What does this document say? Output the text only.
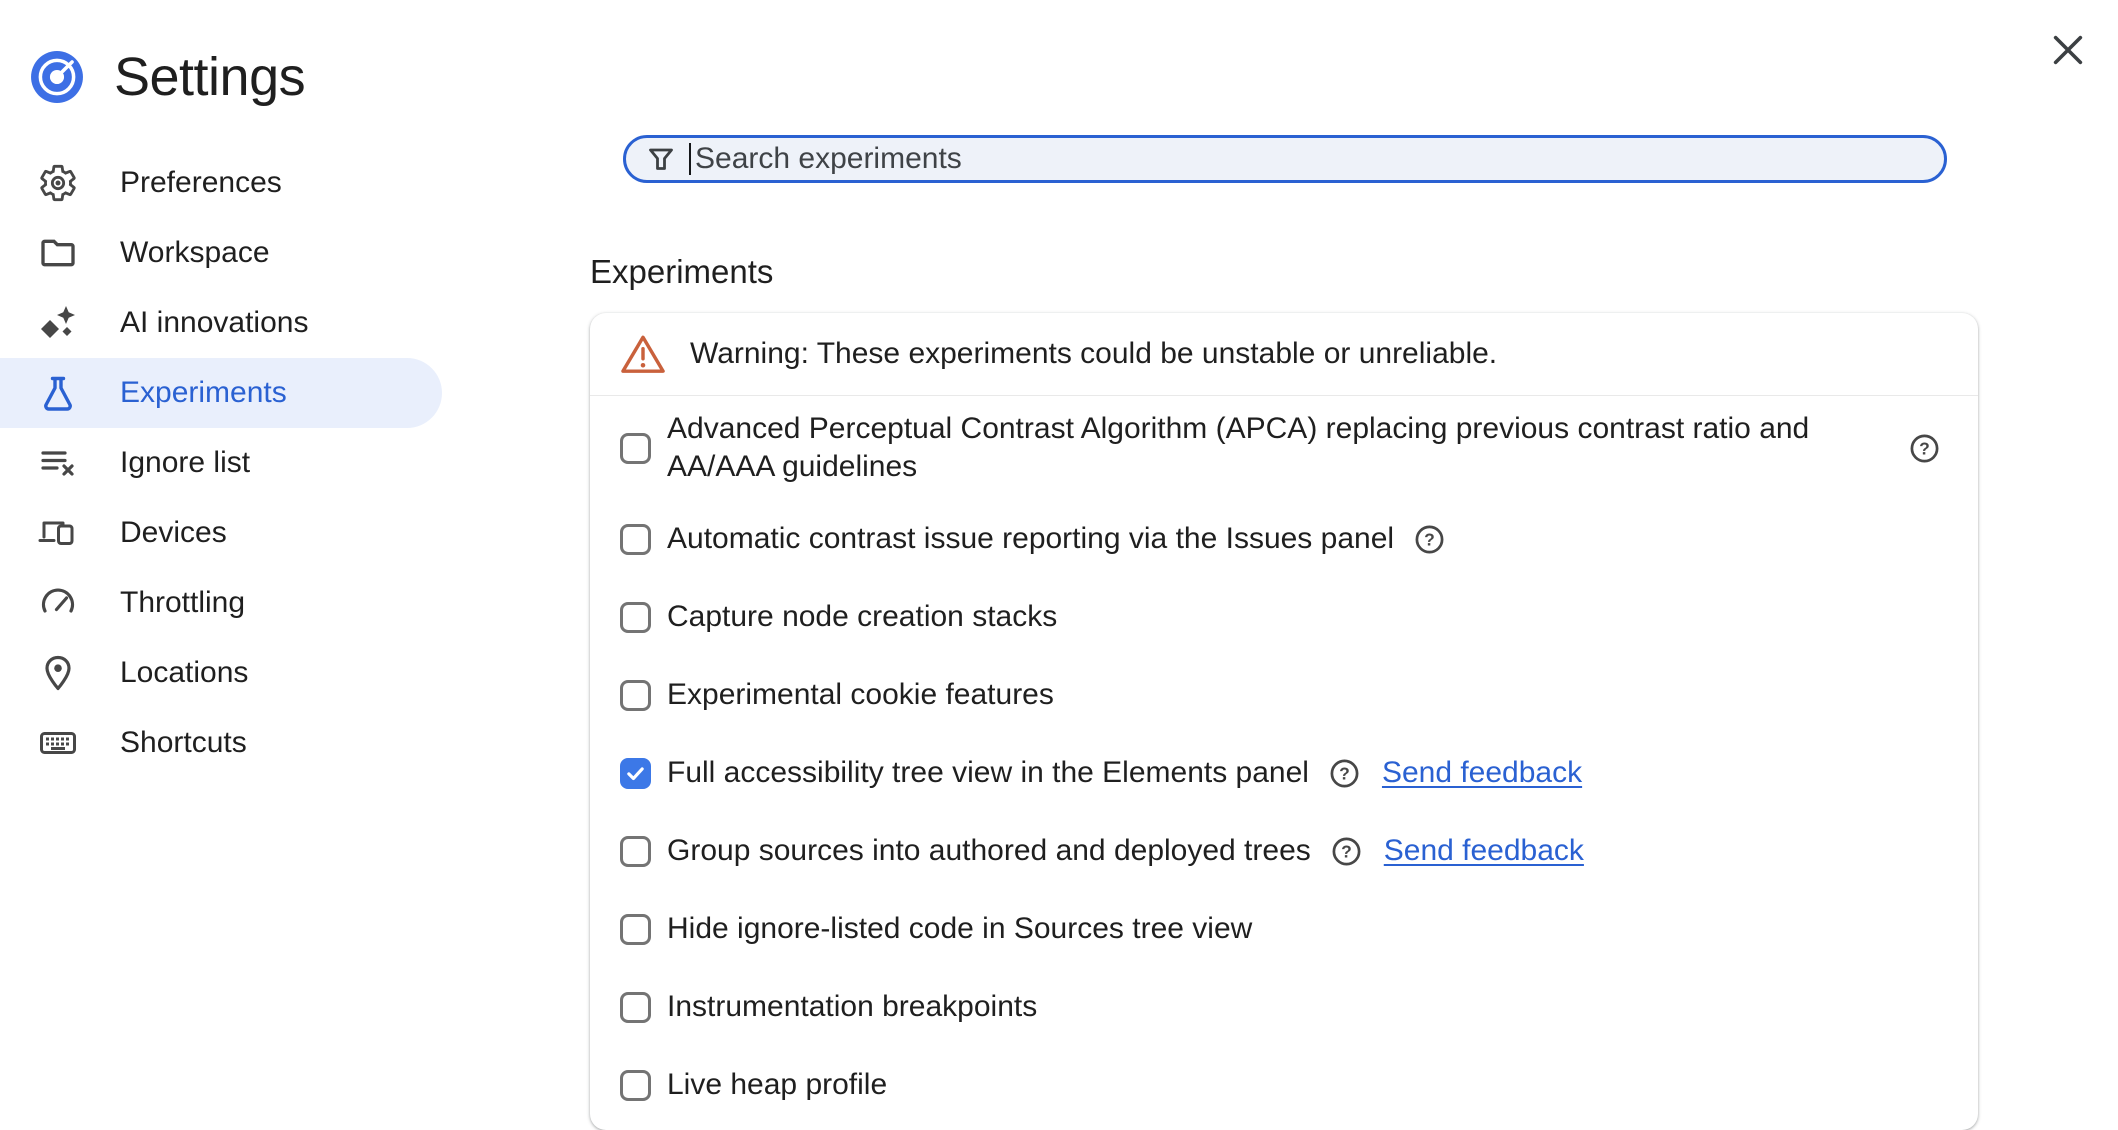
Settings
Preferences
Workspace
AI innovations
Experiments
Ignore list
Devices
Throttling
Locations
Shortcuts
Search experiments
Experiments
Warning: These experiments could be unstable or unreliable.
Advanced Perceptual Contrast Algorithm (APCA) replacing previous contrast ratio and AA/AAA guidelines
?
Automatic contrast issue reporting via the Issues panel ?
Capture node creation stacks
Experimental cookie features
Full accessibility tree view in the Elements panel ? Send feedback
Group sources into authored and deployed trees ? Send feedback
Hide ignore-listed code in Sources tree view
Instrumentation breakpoints
Live heap profile
